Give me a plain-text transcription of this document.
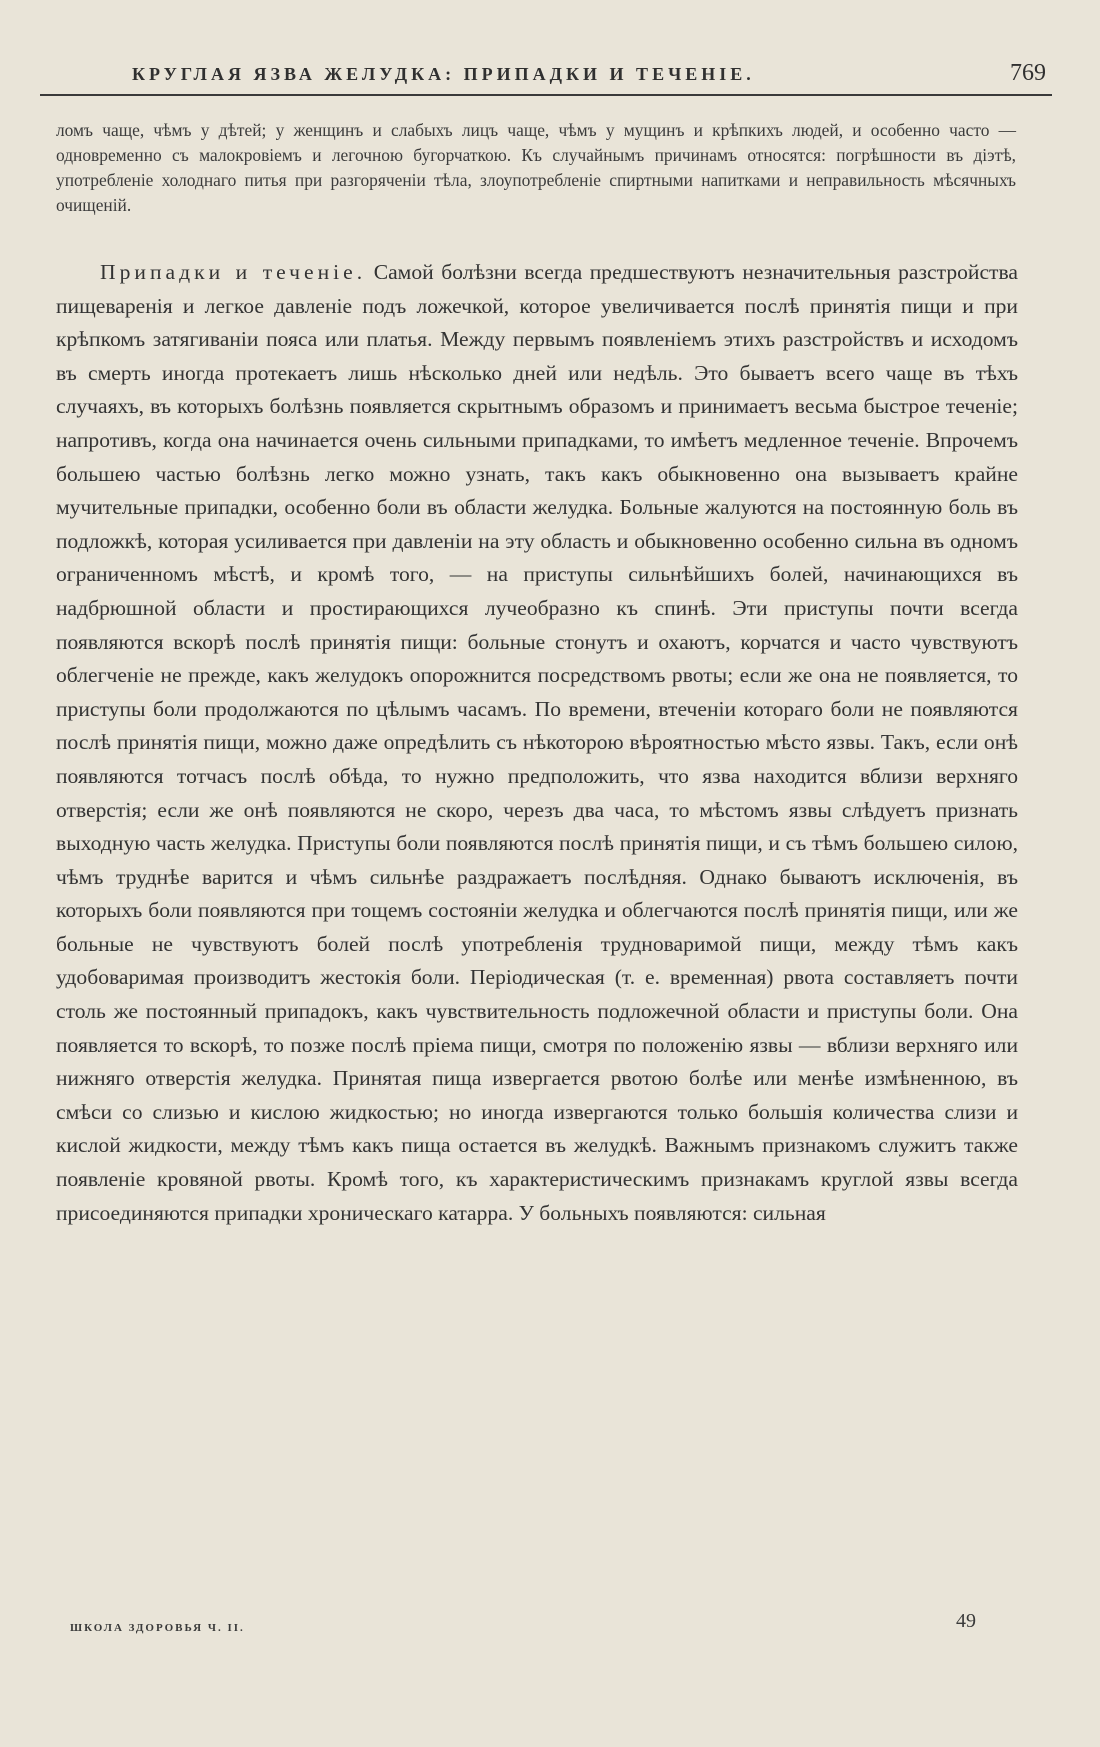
КРУГЛАЯ ЯЗВА ЖЕЛУДКА: ПРИПАДКИ И ТЕЧЕНІЕ.	769

ломъ чаще, чѣмъ у дѣтей; у женщинъ и слабыхъ лицъ чаще, чѣмъ у мущинъ и крѣпкихъ людей, и особенно часто — одновременно съ малокровіемъ и легочною бугорчаткою. Къ случайнымъ причинамъ относятся: погрѣшности въ діэтѣ, употребленіе холоднаго питья при разгоряченіи тѣла, злоупотребленіе спиртными напитками и неправильность мѣсячныхъ очищеній.

Припадки и теченіе. Самой болѣзни всегда предшествуютъ незначительныя разстройства пищеваренія и легкое давленіе подъ ложечкой, которое увеличивается послѣ принятія пищи и при крѣпкомъ затягиваніи пояса или платья. Между первымъ появленіемъ этихъ разстройствъ и исходомъ въ смерть иногда протекаетъ лишь нѣсколько дней или недѣль. Это бываетъ всего чаще въ тѣхъ случаяхъ, въ которыхъ болѣзнь появляется скрытнымъ образомъ и принимаетъ весьма быстрое теченіе; напротивъ, когда она начинается очень сильными припадками, то имѣетъ медленное теченіе. Впрочемъ большею частью болѣзнь легко можно узнать, такъ какъ обыкновенно она вызываетъ крайне мучительные припадки, особенно боли въ области желудка. Больные жалуются на постоянную боль въ подложкѣ, которая усиливается при давленіи на эту область и обыкновенно особенно сильна въ одномъ ограниченномъ мѣстѣ, и кромѣ того, — на приступы сильнѣйшихъ болей, начинающихся въ надбрюшной области и простирающихся лучеобразно къ спинѣ. Эти приступы почти всегда появляются вскорѣ послѣ принятія пищи: больные стонутъ и охаютъ, корчатся и часто чувствуютъ облегченіе не прежде, какъ желудокъ опорожнится посредствомъ рвоты; если же она не появляется, то приступы боли продолжаются по цѣлымъ часамъ. По времени, втеченіи котораго боли не появляются послѣ принятія пищи, можно даже опредѣлить съ нѣкоторою вѣроятностью мѣсто язвы. Такъ, если онѣ появляются тотчасъ послѣ обѣда, то нужно предположить, что язва находится вблизи верхняго отверстія; если же онѣ появляются не скоро, черезъ два часа, то мѣстомъ язвы слѣдуетъ признать выходную часть желудка. Приступы боли появляются послѣ принятія пищи, и съ тѣмъ большею силою, чѣмъ труднѣе варится и чѣмъ сильнѣе раздражаетъ послѣдняя. Однако бываютъ исключенія, въ которыхъ боли появляются при тощемъ состояніи желудка и облегчаются послѣ принятія пищи, или же больные не чувствуютъ болей послѣ употребленія трудноваримой пищи, между тѣмъ какъ удобоваримая производитъ жестокія боли. Періодическая (т. е. временная) рвота составляетъ почти столь же постоянный припадокъ, какъ чувствительность подложечной области и приступы боли. Она появляется то вскорѣ, то позже послѣ пріема пищи, смотря по положенію язвы — вблизи верхняго или нижняго отверстія желудка. Принятая пища извергается рвотою болѣе или менѣе измѣненною, въ смѣси со слизью и кислою жидкостью; но иногда извергаются только большія количества слизи и кислой жидкости, между тѣмъ какъ пища остается въ желудкѣ. Важнымъ признакомъ служитъ также появленіе кровяной рвоты. Кромѣ того, къ характеристическимъ признакамъ круглой язвы всегда присоединяются припадки хроническаго катарра. У больныхъ появляются: сильная

ШКОЛА ЗДОРОВЬЯ Ч. II.	49
